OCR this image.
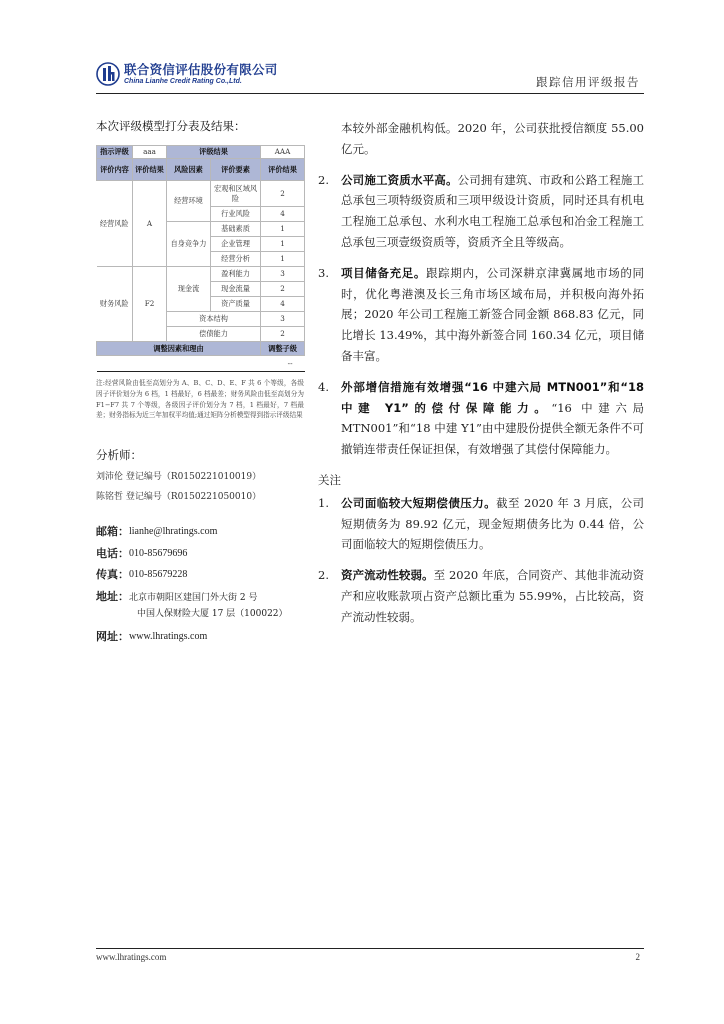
联合资信评估股份有限公司
China Lianhe Credit Rating Co.,Ltd.	跟踪信用评级报告
本次评级模型打分表及结果：
指示评级	aaa	评级结果		AAA
评价内容	评价结果	风险因素	评价要素	评价结果
经营风险	A	经营环境	宏观和区域风险	2
			行业风险	4
		自身竞争力	基础素质	1
			企业管理	1
			经营分析	1
财务风险	F2	现金流	盈利能力	3
			现金流量	2
			资产质量	4
		资本结构		3
		偿债能力		2
调整因素和理由				调整子级
--				
注:经营风险由低至高划分为 A、B、C、D、E、F 共 6 个等级，各级因子评价划分为 6 档，1 档最好，6 档最差；财务风险由低至高划分为 F1−F7 共 7 个等级，各级因子评价划分为 7 档，1 档最好，7 档最差；财务指标为近三年加权平均值;通过矩阵分析模型得到指示评级结果
分析师：
刘沛伦 登记编号（R0150221010019）
陈铭哲 登记编号（R0150221050010）
邮箱： lianhe@lhratings.com
电话： 010-85679696
传真： 010-85679228
地址： 北京市朝阳区建国门外大街 2 号
中国人保财险大厦 17 层（100022）
网址： www.lhratings.com
本较外部金融机构低。2020 年，公司获批授信额度 55.00 亿元。
2.	公司施工资质水平高。公司拥有建筑、市政和公路工程施工总承包三项特级资质和三项甲级设计资质，同时还具有机电工程施工总承包、水利水电工程施工总承包和冶金工程施工总承包三项壹级资质等，资质齐全且等级高。
3.	项目储备充足。跟踪期内，公司深耕京津冀属地市场的同时，优化粤港澳及长三角市场区域布局，并积极向海外拓展；2020 年公司工程施工新签合同金额 868.83 亿元，同比增长 13.49%，其中海外新签合同 160.34 亿元，项目储备丰富。
4.	外部增信措施有效增强“16 中建六局 MTN001”和“18 中建 Y1”的偿付保障能力。“16 中建六局 MTN001”和“18 中建 Y1”由中建股份提供全额无条件不可撤销连带责任保证担保，有效增强了其偿付保障能力。
关注
1.	公司面临较大短期偿债压力。截至 2020 年 3 月底，公司短期债务为 89.92 亿元，现金短期债务比为 0.44 倍，公司面临较大的短期偿债压力。
2.	资产流动性较弱。至 2020 年底，合同资产、其他非流动资产和应收账款项占资产总额比重为 55.99%，占比较高，资产流动性较弱。
www.lhratings.com	2
